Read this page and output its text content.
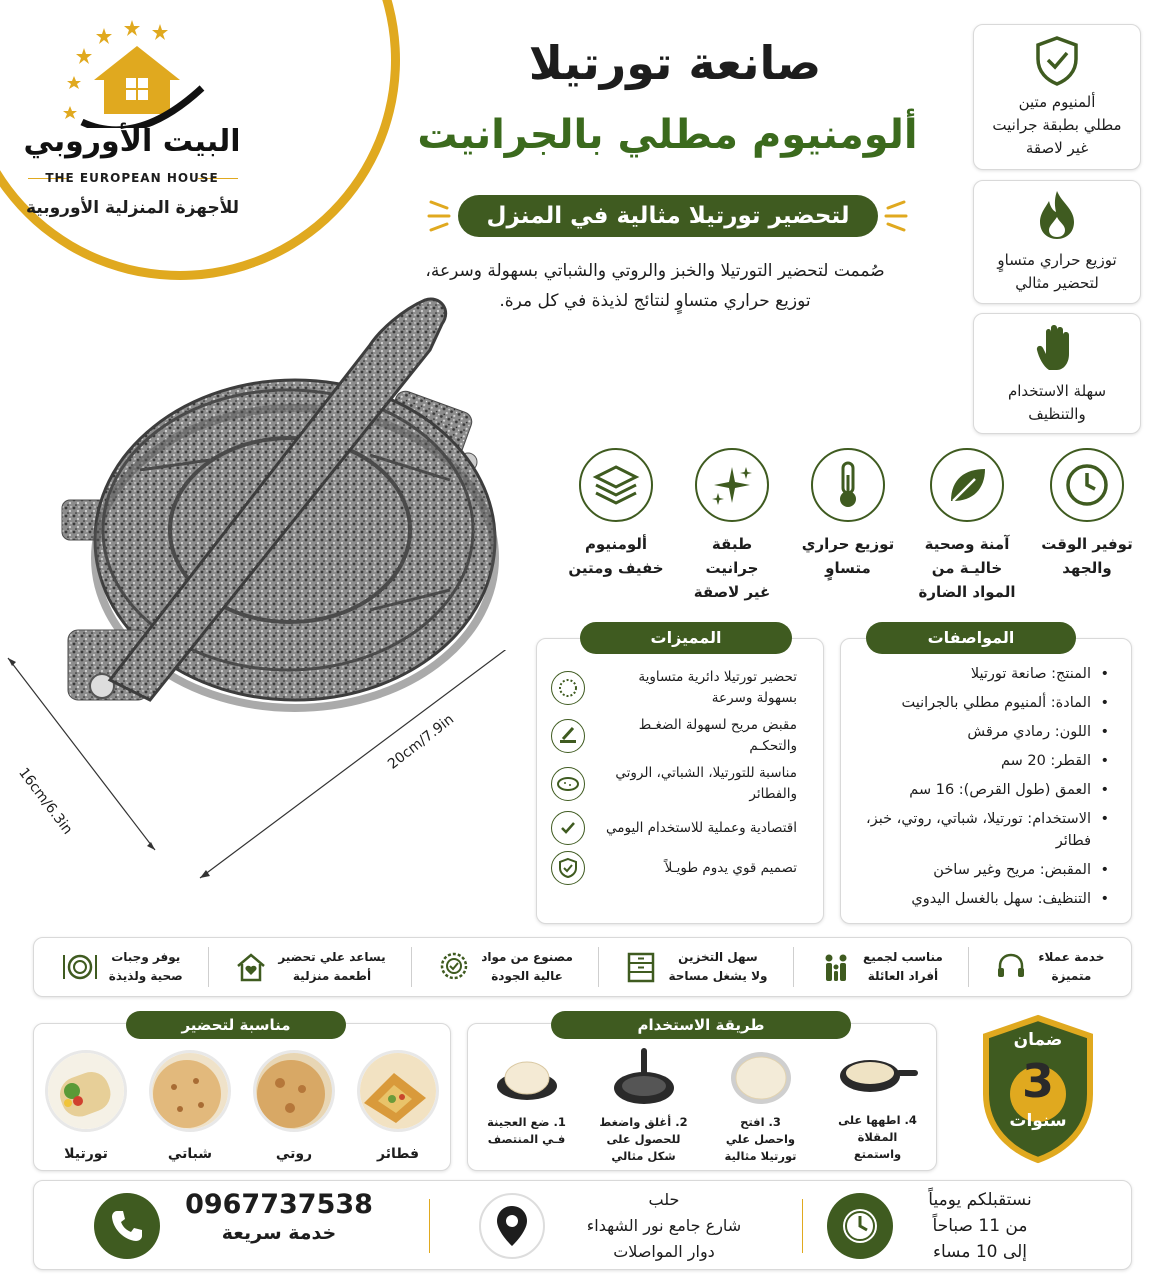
البيت الأوروبي
THE EUROPEAN HOUSE
للأجهزة المنزلية الأوروبية
صانعة تورتيلا
ألومنيوم مطلي بالجرانيت
لتحضير تورتيلا مثالية في المنزل
صُممت لتحضير التورتيلا والخبز والروتي والشباتي بسهولة وسرعة،
توزيع حراري متساوٍ لنتائج لذيذة في كل مرة.
ألمنيوم متين
مطلي بطبقة جرانيت
غير لاصقة
توزيع حراري متساوٍ
لتحضير مثالي
سهلة الاستخدام
والتنظيف
16cm/6.3in
20cm/7.9in
توفير الوقت
والجهد
آمنة وصحية
خاليـة من
المواد الضارة
توزيع حراري
متساوٍ
طبقة
جرانيت
غير لاصقة
ألومنيوم
خفيف ومتين
• المنتج: صانعة تورتيلا
• المادة: ألمنيوم مطلي بالجرانيت
• اللون: رمادي مرقش
• القطر: 20 سم
• العمق (طول القرص): 16 سم
• الاستخدام: تورتيلا، شباتي، روتي، خبز، فطائر
• المقبض: مريح وغير ساخن
• التنظيف: سهل بالغسل اليدوي
المواصفات
تحضير تورتيلا دائرية متساوية بسهولة وسرعة
مقبض مريح لسهولة الضغـط والتحكـم
مناسبة للتورتيلا، الشباتي، الروتي والفطائر
اقتصادية وعملية للاستخدام اليومي
تصميم قوي يدوم طويـلاً
المميزات
خدمة عملاء
متميزة
مناسب لجميع
أفراد العائلة
سهل التخزين
ولا يشغل مساحة
مصنوع من مواد
عالية الجودة
يساعد علي تحضير
أطعمة منزلية
يوفر وجبات
صحية ولذيذة
فطائر
روتي
شباتي
تورتيلا
مناسبة لتحضير
4. اطهها على
المقلاة
واستمتع
3. افتح
واحصل علي
تورتيلا مثالية
2. أغلق واضغط
للحصول على
شكل مثالي
1. ضع العجينة
فـي المنتصف
طريقة الاستخدام
ضمان
3
سنوات
نستقبلكم يومياً
من 11 صباحاً
إلى 10 مساء
حلب
شارع جامع نور الشهداء
دوار المواصلات
0967737538
خدمة سريعة
